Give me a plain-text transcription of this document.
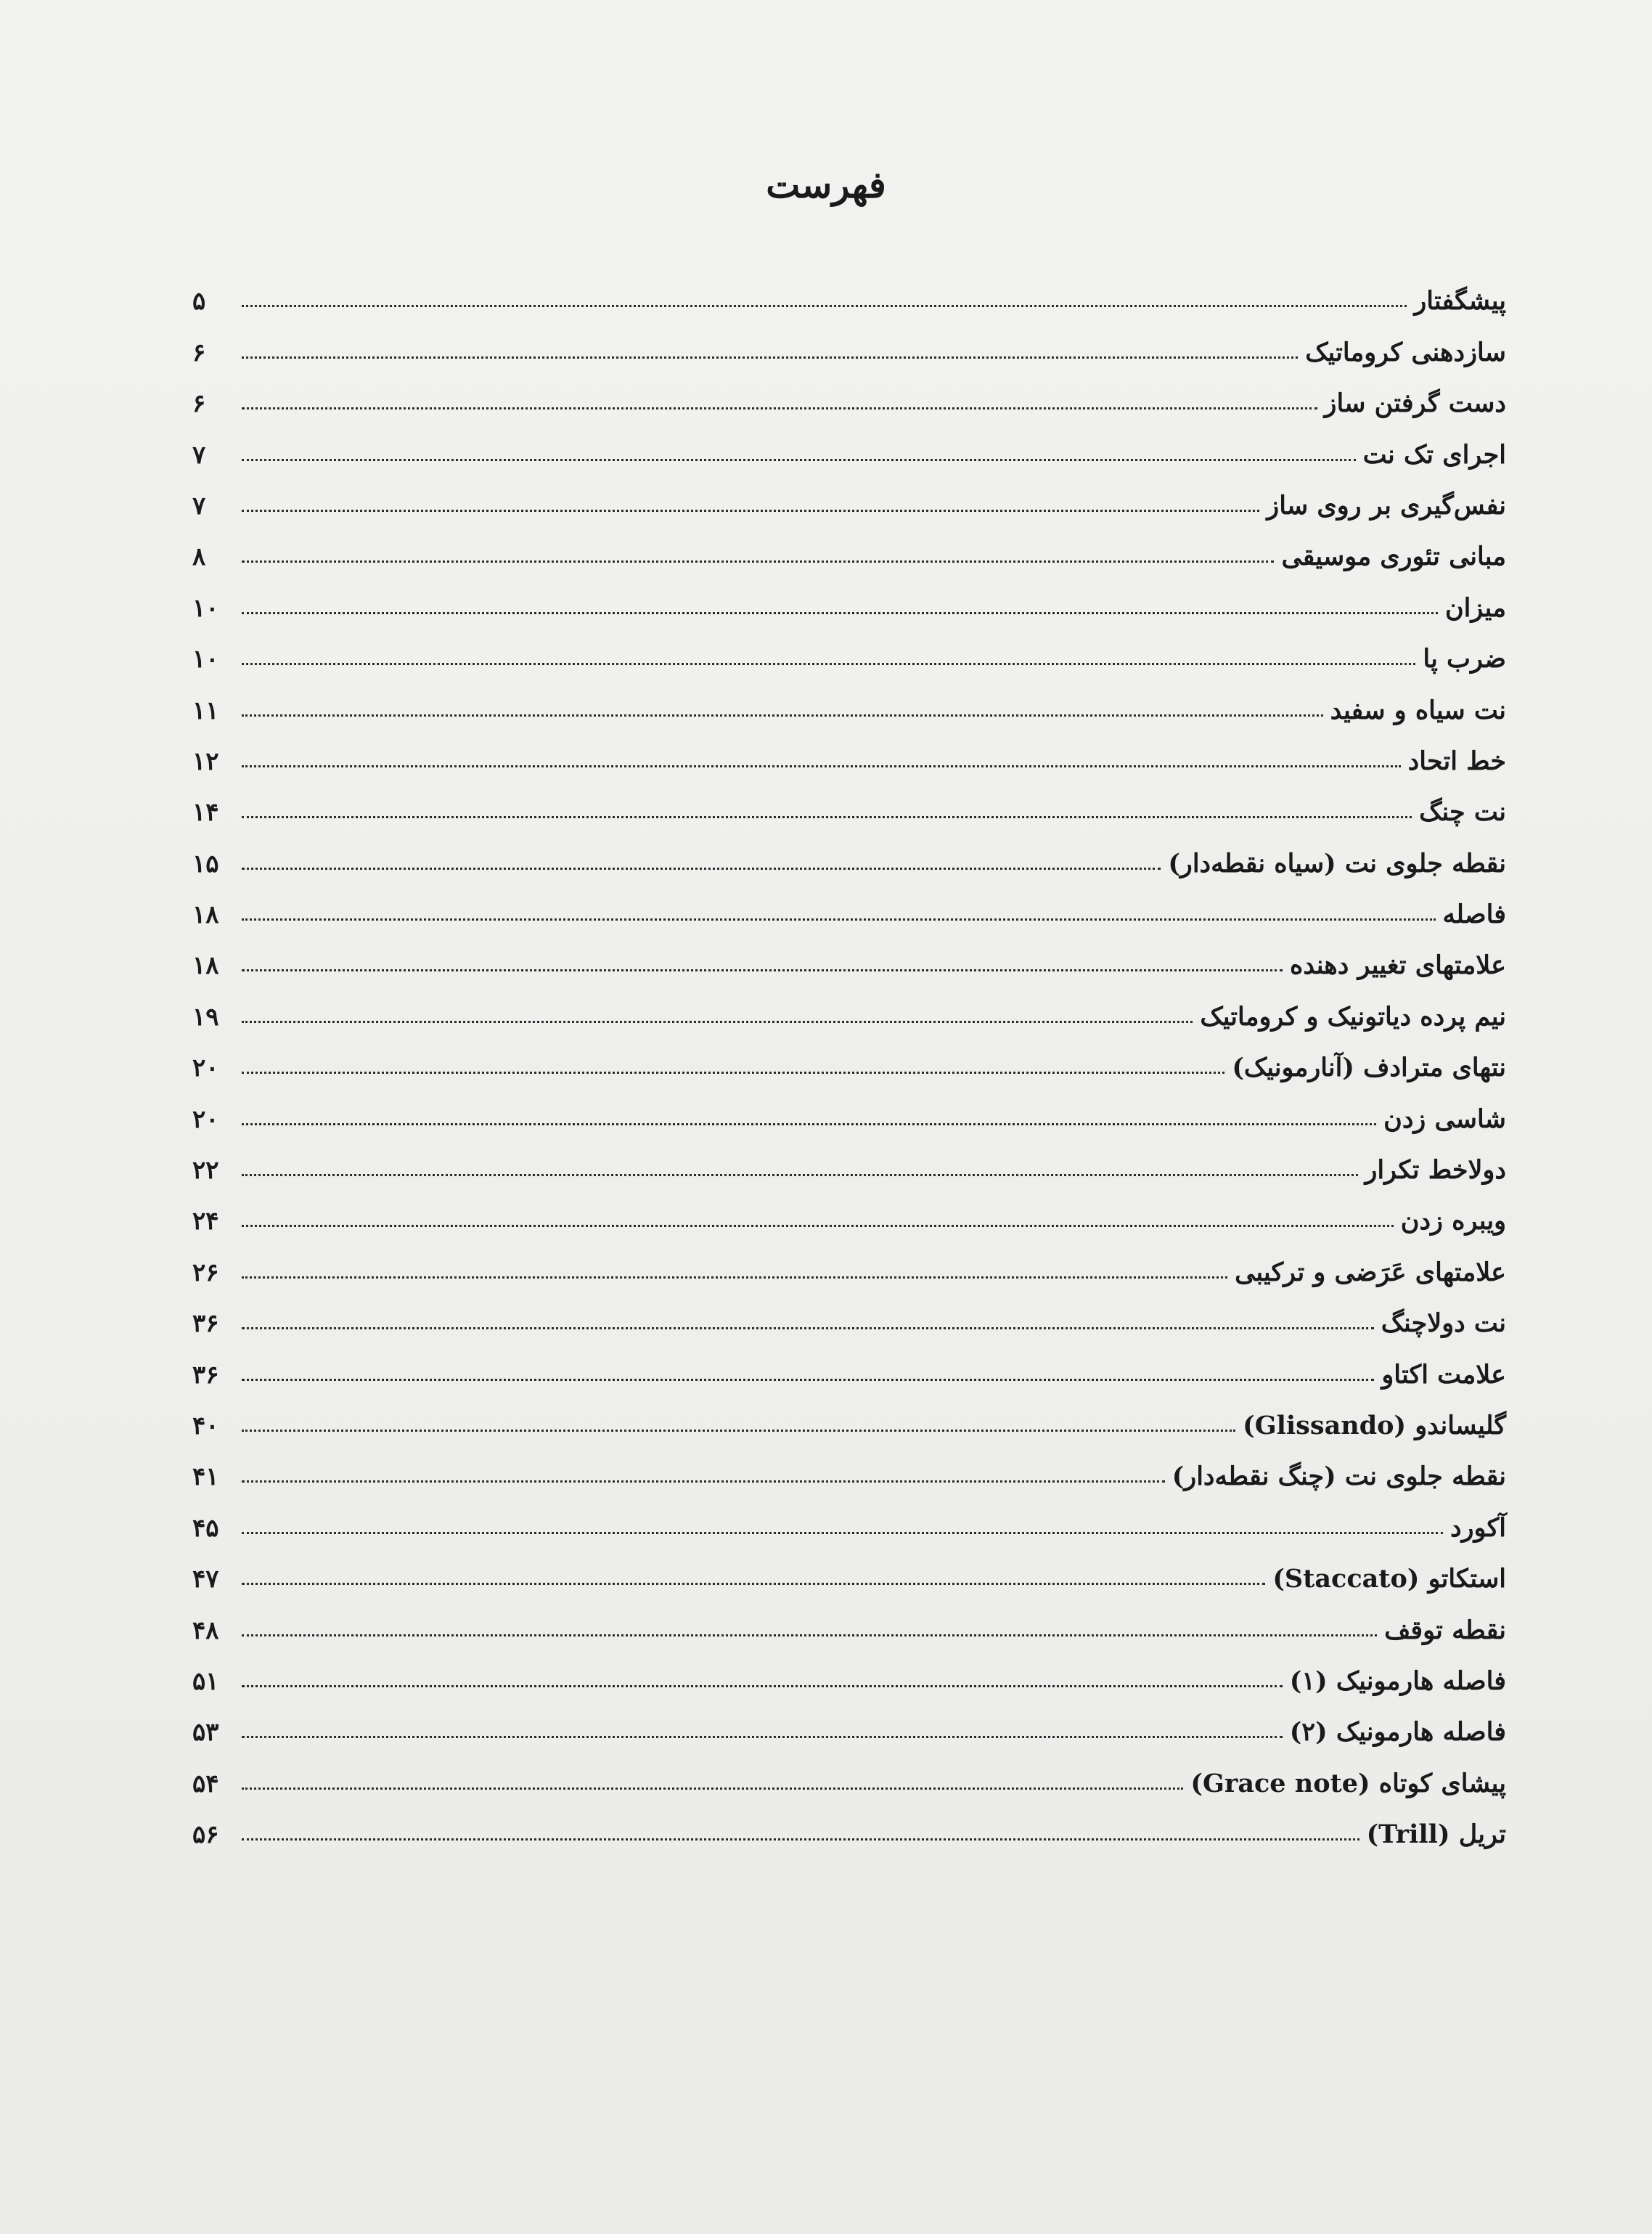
فهرست
پیشگفتار
۵
سازدهنی کروماتیک
۶
دست گرفتن ساز
۶
اجرای تک نت
۷
نفس‌گیری بر روی ساز
۷
مبانی تئوری موسیقی
۸
میزان
۱۰
ضرب پا
۱۰
نت سیاه و سفید
۱۱
خط اتحاد
۱۲
نت چنگ
۱۴
نقطه جلوی نت (سیاه نقطه‌دار)
۱۵
فاصله
۱۸
علامتهای تغییر دهنده
۱۸
نیم پرده دیاتونیک و کروماتیک
۱۹
نتهای مترادف (آنارمونیک)
۲۰
شاسی زدن
۲۰
دولاخط تکرار
۲۲
ویبره زدن
۲۴
علامتهای عَرَضی و ترکیبی
۲۶
نت دولاچنگ
۳۶
علامت اکتاو
۳۶
گلیساندو (Glissando)
۴۰
نقطه جلوی نت (چنگ نقطه‌دار)
۴۱
آکورد
۴۵
استکاتو (Staccato)
۴۷
نقطه توقف
۴۸
فاصله هارمونیک (۱)
۵۱
فاصله هارمونیک (۲)
۵۳
پیشای کوتاه (Grace note)
۵۴
تریل (Trill)
۵۶
